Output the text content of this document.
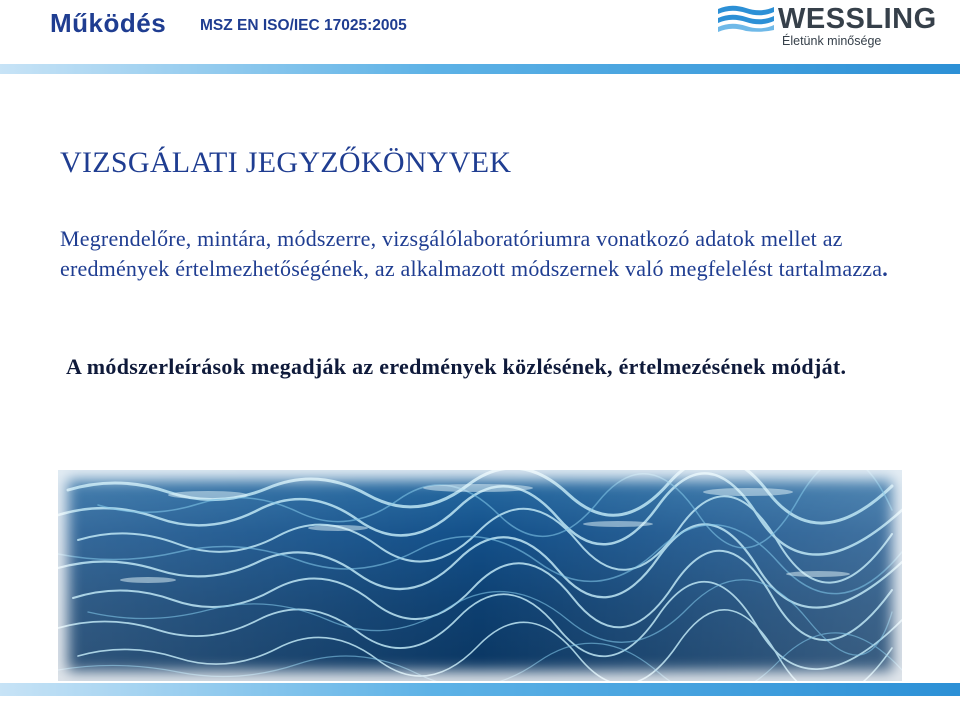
Működés MSZ EN ISO/IEC 17025:2005	WESSLING
Életünk minősége
VIZSGÁLATI JEGYZŐKÖNYVEK

Megrendelőre, mintára, módszerre, vizsgálólaboratóriumra vonatkozó adatok mellet az eredmények értelmezhetőségének, az alkalmazott módszernek való megfelelést tartalmazza.

A módszerleírások megadják az eredmények közlésének, értelmezésének módját.
